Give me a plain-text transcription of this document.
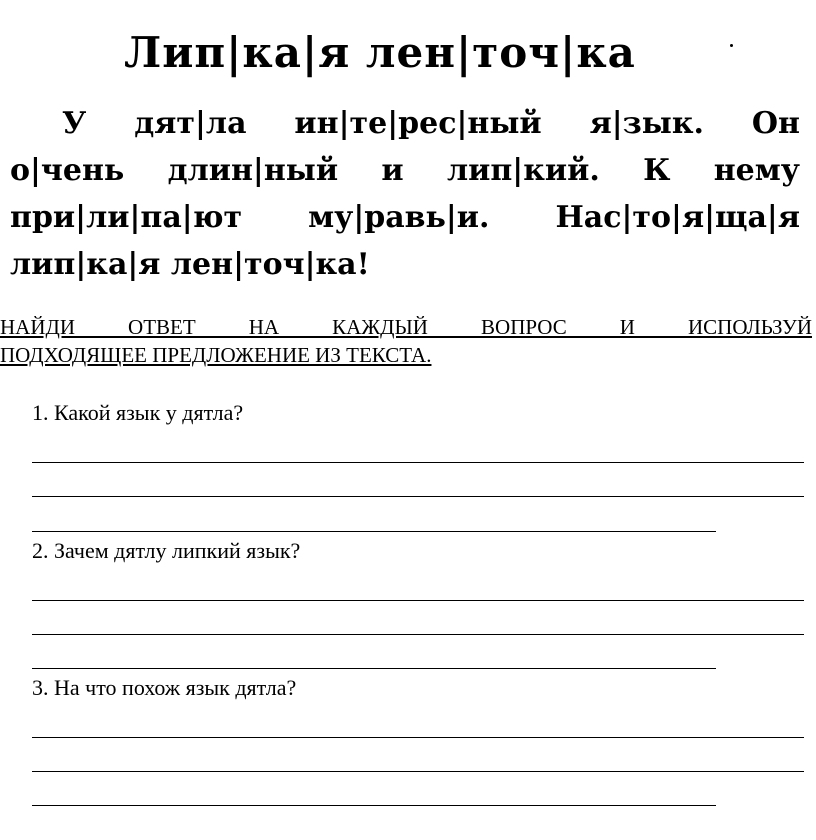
Лип|ка|я лен|точ|ка
У дят|ла ин|те|рес|ный я|зык. Он
о|чень длин|ный и лип|кий. К нему
при|ли|па|ют му|равь|и. Нас|то|я|ща|я
лип|ка|я лен|точ|ка!
НАЙДИ ОТВЕТ НА КАЖДЫЙ ВОПРОС И ИСПОЛЬЗУЙ
ПОДХОДЯЩЕЕ ПРЕДЛОЖЕНИЕ ИЗ ТЕКСТА.
1. Какой язык у дятла?
2. Зачем дятлу липкий язык?
3. На что похож язык дятла?
